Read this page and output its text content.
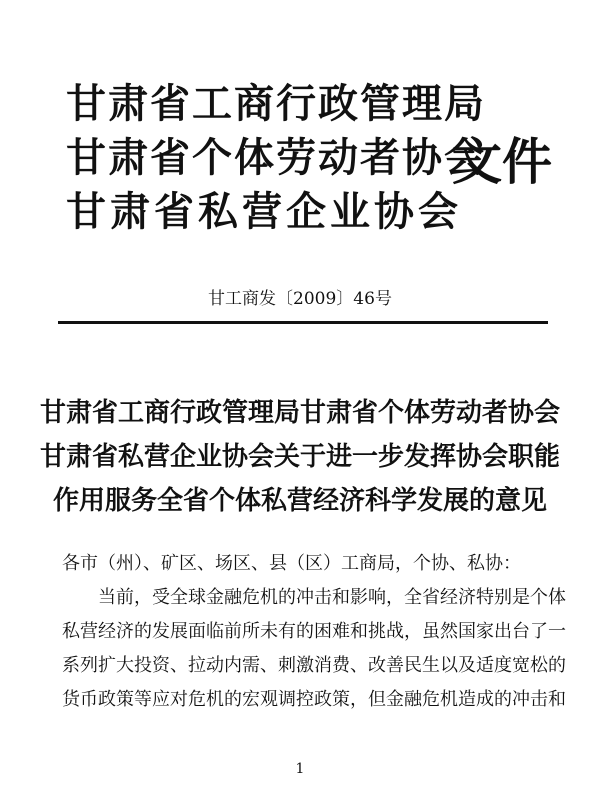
甘肃省工商行政管理局
甘肃省个体劳动者协会
甘肃省私营企业协会
文件
甘工商发〔2009〕46号
甘肃省工商行政管理局甘肃省个体劳动者协会
甘肃省私营企业协会关于进一步发挥协会职能
作用服务全省个体私营经济科学发展的意见
各市（州）、矿区、场区、县（区）工商局，个协、私协：
当前，受全球金融危机的冲击和影响，全省经济特别是个体
私营经济的发展面临前所未有的困难和挑战，虽然国家出台了一
系列扩大投资、拉动内需、刺激消费、改善民生以及适度宽松的
货币政策等应对危机的宏观调控政策，但金融危机造成的冲击和
1
